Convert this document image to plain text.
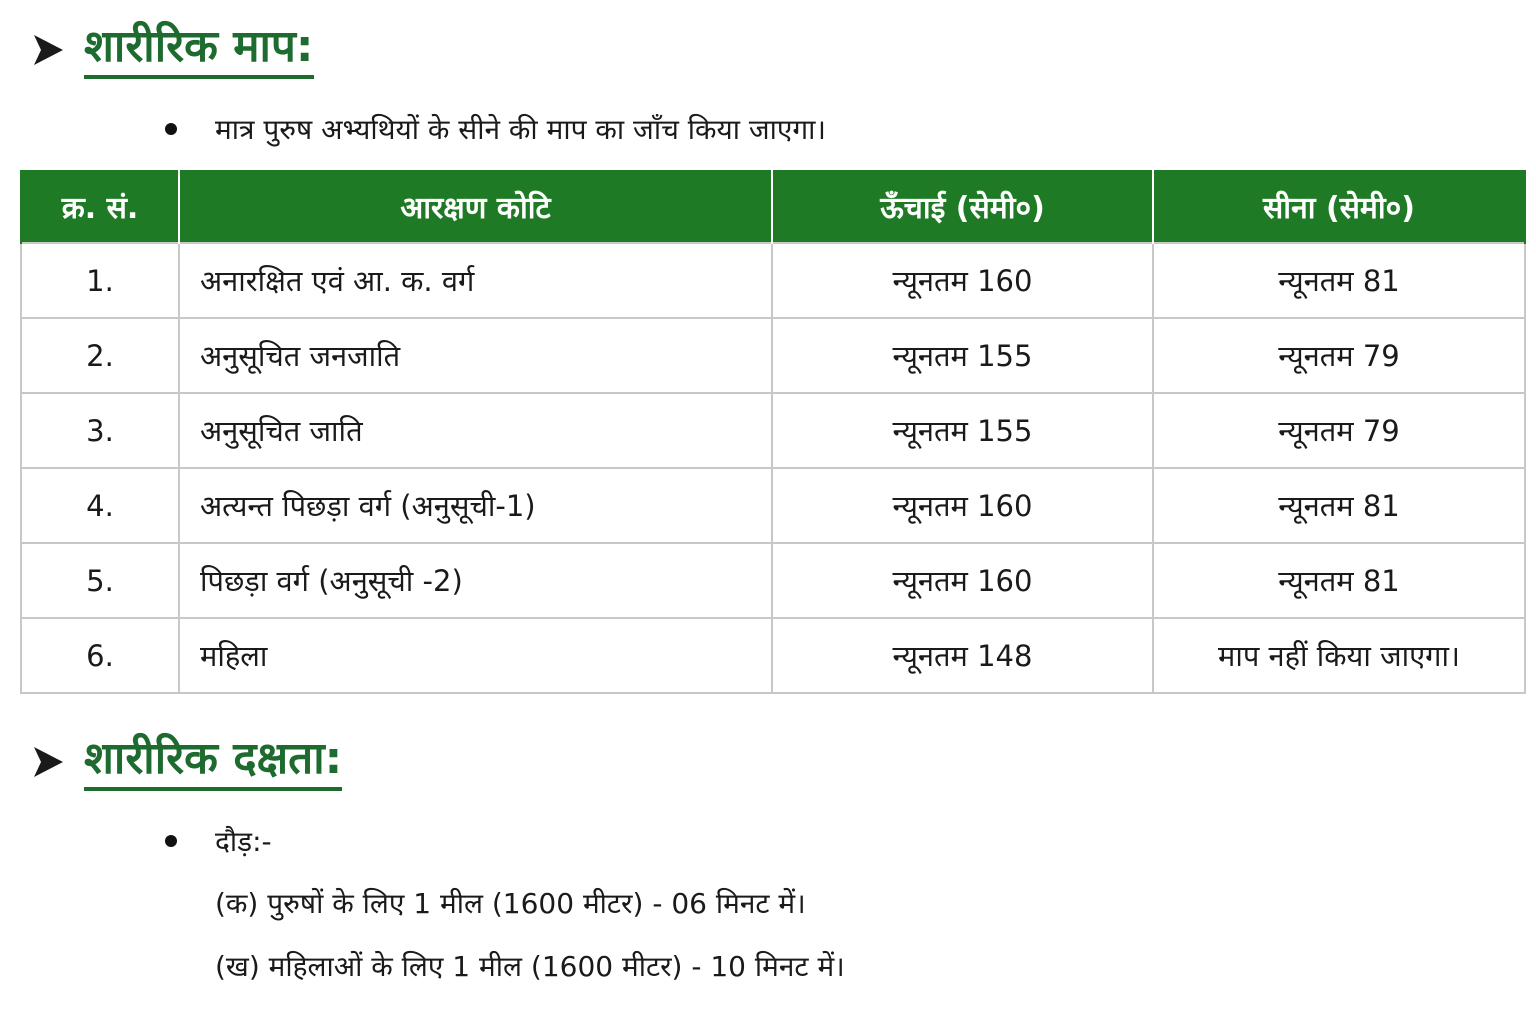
शारीरिक माप:
मात्र पुरुष अभ्यथियों के सीने की माप का जाँच किया जाएगा।
क्र. सं.	आरक्षण कोटि	ऊँचाई (सेमी०)	सीना (सेमी०)
1.	अनारक्षित एवं आ. क. वर्ग	न्यूनतम 160	न्यूनतम 81
2.	अनुसूचित जनजाति	न्यूनतम 155	न्यूनतम 79
3.	अनुसूचित जाति	न्यूनतम 155	न्यूनतम 79
4.	अत्यन्त पिछड़ा वर्ग (अनुसूची-1)	न्यूनतम 160	न्यूनतम 81
5.	पिछड़ा वर्ग (अनुसूची -2)	न्यूनतम 160	न्यूनतम 81
6.	महिला	न्यूनतम 148	माप नहीं किया जाएगा।
शारीरिक दक्षता:
दौड़:-
(क) पुरुषों के लिए 1 मील (1600 मीटर) - 06 मिनट में।
(ख) महिलाओं के लिए 1 मील (1600 मीटर) - 10 मिनट में।
